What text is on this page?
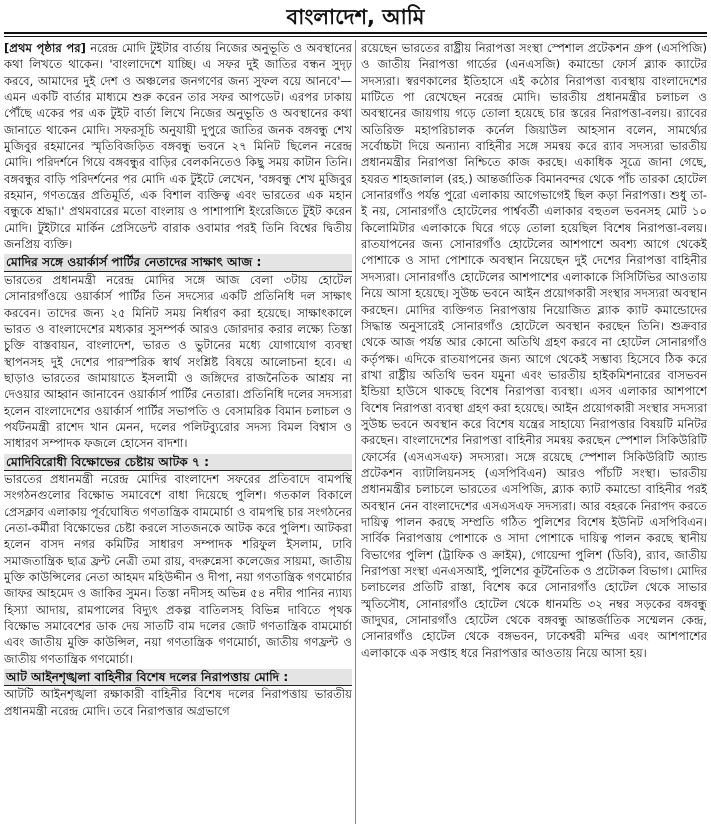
বাংলাদেশ, আমি

[প্রথম পৃষ্ঠার পর] নরেন্দ্র মোদি টুইটার বার্তায় নিজের অনুভূতি ও অবস্থানের কথা লিখতে থাকেন। 'বাংলাদেশে যাচ্ছি। এ সফর দুই জাতির বন্ধন সুদৃঢ় করবে, আমাদের দুই দেশ ও অঞ্চলের জনগণের জন্য সুফল বয়ে আনবে'— এমন একটি বার্তার মাধ্যমে শুরু করেন তার সফর আপডেট। এরপর ঢাকায় পৌঁছে একের পর এক টুইট বার্তা লিখে নিজের অনুভূতি ও অবস্থানের কথা জানাতে থাকেন মোদি। সফরসূচি অনুযায়ী দুপুরে জাতির জনক বঙ্গবন্ধু শেখ মুজিবুর রহমানের স্মৃতিবিজড়িত বঙ্গবন্ধু ভবনে ২৭ মিনিট ছিলেন নরেন্দ্র মোদি। পরিদর্শনে গিয়ে বঙ্গবন্ধুর বাড়ির বেলকনিতেও কিছু সময় কাটান তিনি। বঙ্গবন্ধুর বাড়ি পরিদর্শনের পর মোদি এক টুইটে লেখেন, 'বঙ্গবন্ধু শেখ মুজিবুর রহমান, গণতন্ত্রের প্রতিমূর্তি, এক বিশাল ব্যক্তিত্ব এবং ভারতের এক মহান বন্ধুকে শ্রদ্ধা।' প্রথমবারের মতো বাংলায় ও পাশাপাশি ইংরেজিতে টুইট করেন মোদি। টুইটারে মার্কিন প্রেসিডেন্ট বারাক ওবামার পরই তিনি বিশ্বের দ্বিতীয় জনপ্রিয় ব্যক্তি।

মোদির সঙ্গে ওয়ার্কার্স পার্টির নেতাদের সাক্ষাৎ আজ :
ভারতের প্রধানমন্ত্রী নরেন্দ্র মোদির সঙ্গে আজ বেলা ৩টায় হোটেল সোনারগাঁওয়ে ওয়ার্কার্স পার্টির তিন সদস্যের একটি প্রতিনিধি দল সাক্ষাৎ করবেন। তাদের জন্য ২৫ মিনিট সময় নির্ধারণ করা হয়েছে। সাক্ষাৎকালে ভারত ও বাংলাদেশের মধ্যকার সুসম্পর্ক আরও জোরদার করার লক্ষ্যে তিস্তা চুক্তি বাস্তবায়ন, বাংলাদেশ, ভারত ও ভুটানের মধ্যে যোগাযোগ ব্যবস্থা স্থাপনসহ দুই দেশের পারস্পরিক স্বার্থ সংশ্লিষ্ট বিষয়ে আলোচনা হবে। এ ছাড়াও ভারতের জামায়াতে ইসলামী ও জঙ্গিদের রাজনৈতিক আশ্রয় না দেওয়ার আহ্বান জানাবেন ওয়ার্কার্স পার্টির নেতারা। প্রতিনিধি দলের সদস্যরা হলেন বাংলাদেশের ওয়ার্কার্স পার্টির সভাপতি ও বেসামরিক বিমান চলাচল ও পর্যটনমন্ত্রী রাশেদ খান মেনন, দলের পলিটব্যুরোর সদস্য বিমল বিশ্বাস ও সাধারণ সম্পাদক ফজলে হোসেন বাদশা।

মোদিবিরোধী বিক্ষোভের চেষ্টায় আটক ৭ :
ভারতের প্রধানমন্ত্রী নরেন্দ্র মোদির বাংলাদেশ সফরের প্রতিবাদে বামপন্থি সংগঠনগুলোর বিক্ষোভ সমাবেশে বাধা দিয়েছে পুলিশ। গতকাল বিকালে প্রেসক্লাব এলাকায় পূর্বঘোষিত গণতান্ত্রিক বামমোর্চা ও বামপন্থি চার সংগঠনের নেতা-কর্মীরা বিক্ষোভের চেষ্টা করলে সাতজনকে আটক করে পুলিশ। আটকরা হলেন বাসদ নগর কমিটির সাধারণ সম্পাদক শরিফুল ইসলাম, ঢাবি সমাজতান্ত্রিক ছাত্র ফ্রন্ট নেত্রী তমা রায়, বদরুন্নেসা কলেজের সায়মা, জাতীয় মুক্তি কাউন্সিলের নেতা আহমদ মহিউদ্দীন ও দীপা, নয়া গণতান্ত্রিক গণমোর্চার জাফর আহমেদ ও জাকির সুমন। তিস্তা নদীসহ অভিন্ন ৫৪ নদীর পানির ন্যায্য হিস্যা আদায়, রামপালের বিদ্যুৎ প্রকল্প বাতিলসহ বিভিন্ন দাবিতে পৃথক বিক্ষোভ সমাবেশের ডাক দেয় সাতটি বাম দলের জোট গণতান্ত্রিক বামমোর্চা এবং জাতীয় মুক্তি কাউন্সিল, নয়া গণতান্ত্রিক গণমোর্চা, জাতীয় গণফ্রন্ট ও জাতীয় গণতান্ত্রিক গণমোর্চা।

আট আইনশৃঙ্খলা বাহিনীর বিশেষ দলের নিরাপত্তায় মোদি :
আটটি আইনশৃঙ্খলা রক্ষাকারী বাহিনীর বিশেষ দলের নিরাপত্তায় ভারতীয় প্রধানমন্ত্রী নরেন্দ্র মোদি। তবে নিরাপত্তার অগ্রভাগে

রয়েছেন ভারতের রাষ্ট্রীয় নিরাপত্তা সংস্থা স্পেশাল প্রটেকশন গ্রুপ (এসপিজি) ও জাতীয় নিরাপত্তা গার্ডের (এনএসজি) কমান্ডো ফোর্স ব্ল্যাক ক্যাটের সদস্যরা। স্বরণকালের ইতিহাসে এই কঠোর নিরাপত্তা ব্যবস্থায় বাংলাদেশের মাটিতে পা রেখেছেন নরেন্দ্র মোদি। ভারতীয় প্রধানমন্ত্রীর চলাচল ও অবস্থানের জায়গায় গড়ে তোলা হয়েছে চার স্তরের নিরাপত্তা-বলয়। র‌্যাবের অতিরিক্ত মহাপরিচালক কর্নেল জিয়াউল আহসান বলেন, সামর্থ্যের সর্বোচ্চটা দিয়ে অন্যান্য বাহিনীর সঙ্গে সমন্বয় করে র‌্যাব সদস্যরা ভারতীয় প্রধানমন্ত্রীর নিরাপত্তা নিশ্চিতে কাজ করছে। একাধিক সূত্রে জানা গেছে, হযরত শাহজালাল (রহ.) আন্তর্জাতিক বিমানবন্দর থেকে পাঁচ তারকা হোটেল সোনারগাঁও পর্যন্ত পুরো এলাকায় আগেভাগেই ছিল কড়া নিরাপত্তা। শুধু তা-ই নয়, সোনারগাঁও হোটেলের পার্শ্ববর্তী এলাকার বহুতল ভবনসহ মোট ১০ কিলোমিটার এলাকাকে ঘিরে গড়ে তোলা হয়েছিল বিশেষ নিরাপত্তা-বলয়। রাতযাপনের জন্য সোনারগাঁও হোটেলের আশপাশে অবশ্য আগে থেকেই পোশাকে ও সাদা পোশাকে অবস্থান নিয়েছেন দুই দেশের নিরাপত্তা বাহিনীর সদস্যরা। সোনারগাঁও হোটেলের আশপাশের এলাকাকে সিসিটিভির আওতায় নিয়ে আসা হয়েছে। সুউচ্চ ভবনে আইন প্রয়োগকারী সংস্থার সদস্যরা অবস্থান করছেন। মোদির ব্যক্তিগত নিরাপত্তায় নিয়োজিত ব্ল্যাক ক্যাট কমান্ডোদের সিদ্ধান্ত অনুসারেই সোনারগাঁও হোটেলে অবস্থান করছেন তিনি। শুক্রবার থেকে আজ পর্যন্ত আর কোনো অতিথি গ্রহণ করবে না হোটেল সোনারগাঁও কর্তৃপক্ষ। এদিকে রাতযাপনের জন্য আগে থেকেই সম্ভাব্য হিসেবে ঠিক করে রাখা রাষ্ট্রীয় অতিথি ভবন যমুনা এবং ভারতীয় হাইকমিশনারের বাসভবন ইন্ডিয়া হাউসে থাকছে বিশেষ নিরাপত্তা ব্যবস্থা। এসব এলাকার আশপাশে বিশেষ নিরাপত্তা ব্যবস্থা গ্রহণ করা হয়েছে। আইন প্রয়োগকারী সংস্থার সদস্যরা সুউচ্চ ভবনে অবস্থান করে বিশেষ যন্ত্রের সাহায্যে নিরাপত্তার বিষয়টি মনিটর করছেন। বাংলাদেশের নিরাপত্তা বাহিনীর সমন্বয় করছেন স্পেশাল সিকিউরিটি ফোর্সের (এসএসএফ) সদস্যরা। সঙ্গে রয়েছে স্পেশাল সিকিউরিটি অ্যান্ড প্রটেকশন ব্যাটালিয়নসহ (এসপিবিএন) আরও পাঁচটি সংস্থা। ভারতীয় প্রধানমন্ত্রীর চলাচলে ভারতের এসপিজি, ব্ল্যাক ক্যাট কমান্ডো বাহিনীর পরই অবস্থান নেন বাংলাদেশের এসএসএফ সদস্যরা। আর বহরকে নিরাপদ করতে দায়িত্ব পালন করছে সম্প্রতি গঠিত পুলিশের বিশেষ ইউনিট এসপিবিএন। সার্বিক নিরাপত্তায় পোশাকে ও সাদা পোশাকে দায়িত্ব পালন করছে স্থানীয় বিভাগের পুলিশ (ট্রাফিক ও ক্রাইম), গোয়েন্দা পুলিশ (ডিবি), র‌্যাব, জাতীয় নিরাপত্তা সংস্থা এনএসআই, পুলিশের কূটনৈতিক ও প্রটোকল বিভাগ। মোদির চলাচলের প্রতিটি রাস্তা, বিশেষ করে সোনারগাঁও হোটেল থেকে সাভার স্মৃতিসৌধ, সোনারগাঁও হোটেল থেকে ধানমন্ডি ৩২ নম্বর সড়কের বঙ্গবন্ধু জাদুঘর, সোনারগাঁও হোটেল থেকে বঙ্গবন্ধু আন্তর্জাতিক সম্মেলন কেন্দ্র, সোনারগাঁও হোটেল থেকে বঙ্গভবন, ঢাকেশ্বরী মন্দির এবং আশপাশের এলাকাকে এক সপ্তাহ ধরে নিরাপত্তার আওতায় নিয়ে আসা হয়।
